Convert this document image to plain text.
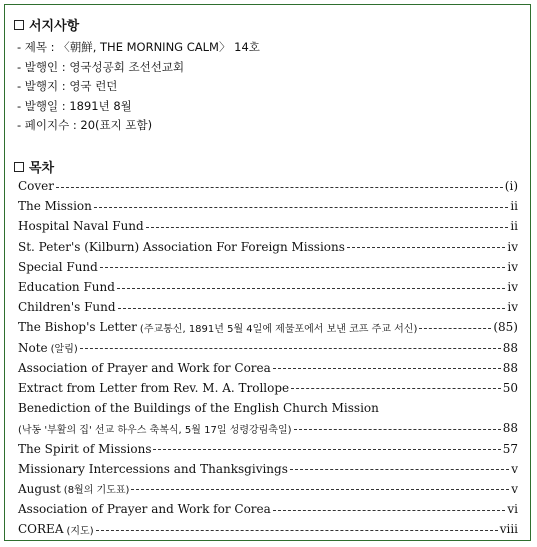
서지사항
- 제목 : 〈朝鮮, THE MORNING CALM〉 14호
- 발행인 : 영국성공회 조선선교회
- 발행지 : 영국 런던
- 발행일 : 1891년 8월
- 페이지수 : 20(표지 포함)
목차
Cover	(i)
The Mission	ii
Hospital Naval Fund	ii
St. Peter's (Kilburn) Association For Foreign Missions	iv
Special Fund	iv
Education Fund	iv
Children's Fund	iv
The Bishop's Letter (주교통신, 1891년 5월 4일에 제물포에서 보낸 코프 주교 서신)	(85)
Note (알림)	88
Association of Prayer and Work for Corea	88
Extract from Letter from Rev. M. A. Trollope	50
Benediction of the Buildings of the English Church Mission
(낙동 '부활의 집' 선교 하우스 축복식, 5월 17일 성령강림축일)	88
The Spirit of Missions	57
Missionary Intercessions and Thanksgivings	v
August (8월의 기도표)	v
Association of Prayer and Work for Corea	vi
COREA (지도)	viii
